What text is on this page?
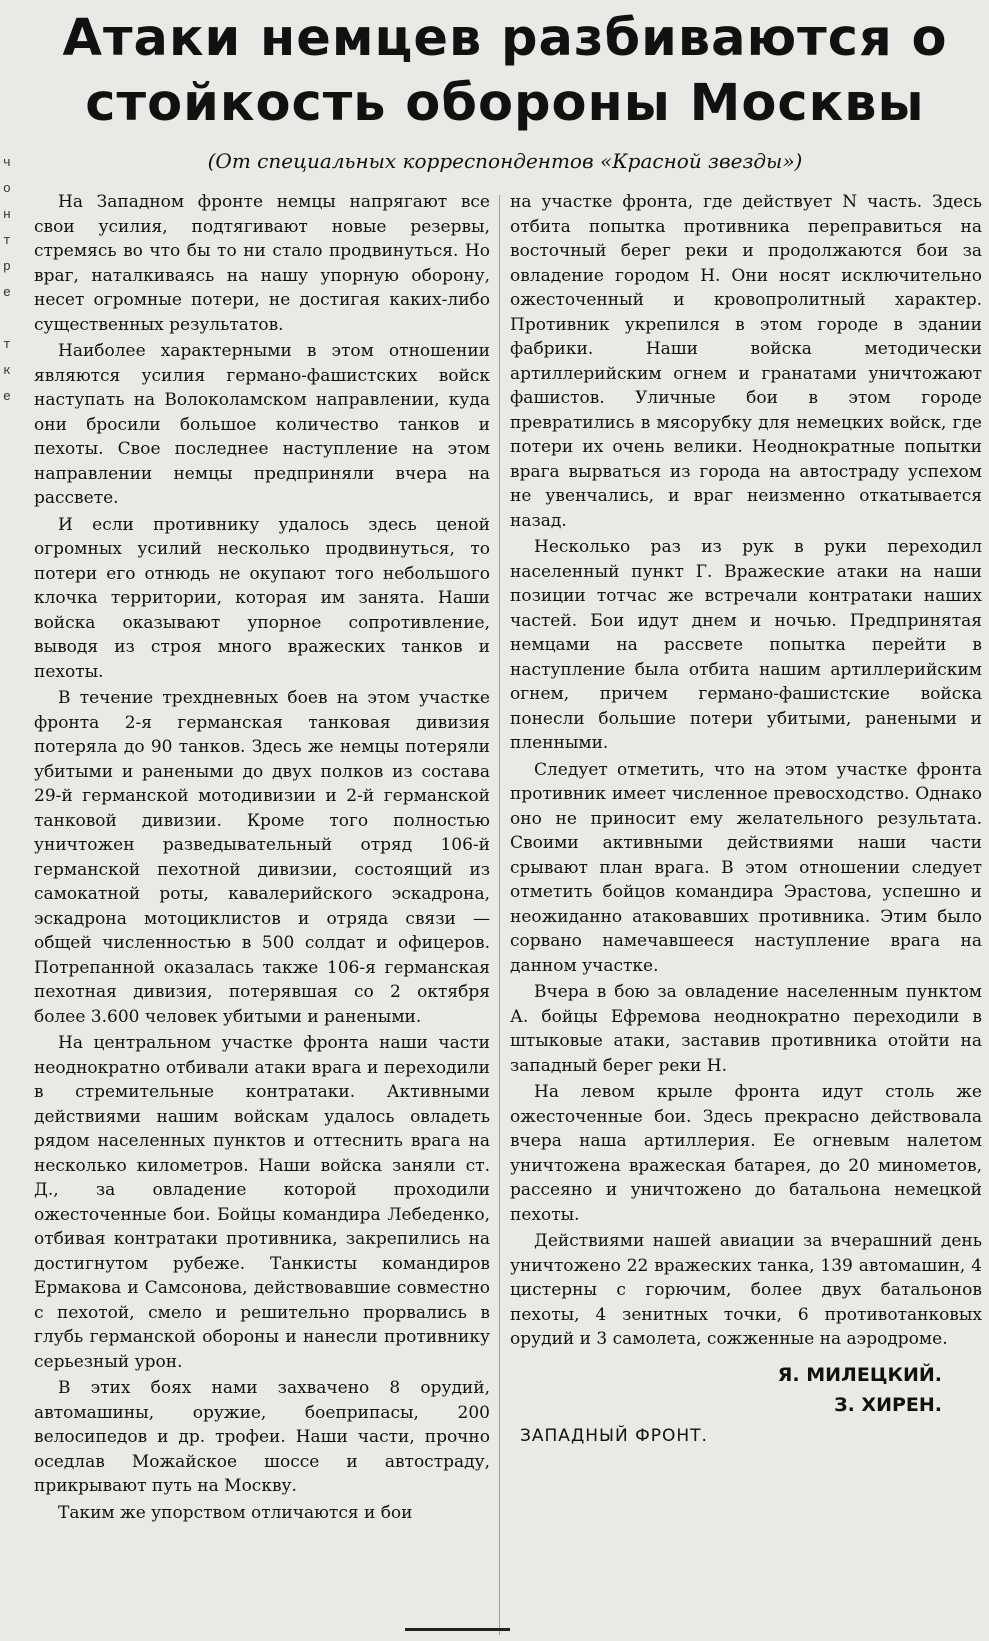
ч
о
н
т
р
е

т
к
е
Атаки немцев разбиваются о стойкость обороны Москвы

(От специальных корреспондентов «Красной звезды»)

На Западном фронте немцы напрягают все свои усилия, подтягивают новые резервы, стремясь во что бы то ни стало продвинуться. Но враг, наталкиваясь на нашу упорную оборону, несет огромные потери, не достигая каких-либо существенных результатов.

Наиболее характерными в этом отношении являются усилия германо-фашистских войск наступать на Волоколамском направлении, куда они бросили большое количество танков и пехоты. Свое последнее наступление на этом направлении немцы предприняли вчера на рассвете.

И если противнику удалось здесь ценой огромных усилий несколько продвинуться, то потери его отнюдь не окупают того небольшого клочка территории, которая им занята. Наши войска оказывают упорное сопротивление, выводя из строя много вражеских танков и пехоты.

В течение трехдневных боев на этом участке фронта 2-я германская танковая дивизия потеряла до 90 танков. Здесь же немцы потеряли убитыми и ранеными до двух полков из состава 29-й германской мотодивизии и 2-й германской танковой дивизии. Кроме того полностью уничтожен разведывательный отряд 106-й германской пехотной дивизии, состоящий из самокатной роты, кавалерийского эскадрона, эскадрона мотоциклистов и отряда связи — общей численностью в 500 солдат и офицеров. Потрепанной оказалась также 106-я германская пехотная дивизия, потерявшая со 2 октября более 3.600 человек убитыми и ранеными.

На центральном участке фронта наши части неоднократно отбивали атаки врага и переходили в стремительные контратаки. Активными действиями нашим войскам удалось овладеть рядом населенных пунктов и оттеснить врага на несколько километров. Наши войска заняли ст. Д., за овладение которой проходили ожесточенные бои. Бойцы командира Лебеденко, отбивая контратаки противника, закрепились на достигнутом рубеже. Танкисты командиров Ермакова и Самсонова, действовавшие совместно с пехотой, смело и решительно прорвались в глубь германской обороны и нанесли противнику серьезный урон.

В этих боях нами захвачено 8 орудий, автомашины, оружие, боеприпасы, 200 велосипедов и др. трофеи. Наши части, прочно оседлав Можайское шоссе и автостраду, прикрывают путь на Москву.

Таким же упорством отличаются и бои

на участке фронта, где действует N часть. Здесь отбита попытка противника переправиться на восточный берег реки и продолжаются бои за овладение городом Н. Они носят исключительно ожесточенный и кровопролитный характер. Противник укрепился в этом городе в здании фабрики. Наши войска методически артиллерийским огнем и гранатами уничтожают фашистов. Уличные бои в этом городе превратились в мясорубку для немецких войск, где потери их очень велики. Неоднократные попытки врага вырваться из города на автостраду успехом не увенчались, и враг неизменно откатывается назад.

Несколько раз из рук в руки переходил населенный пункт Г. Вражеские атаки на наши позиции тотчас же встречали контратаки наших частей. Бои идут днем и ночью. Предпринятая немцами на рассвете попытка перейти в наступление была отбита нашим артиллерийским огнем, причем германо-фашистские войска понесли большие потери убитыми, ранеными и пленными.

Следует отметить, что на этом участке фронта противник имеет численное превосходство. Однако оно не приносит ему желательного результата. Своими активными действиями наши части срывают план врага. В этом отношении следует отметить бойцов командира Эрастова, успешно и неожиданно атаковавших противника. Этим было сорвано намечавшееся наступление врага на данном участке.

Вчера в бою за овладение населенным пунктом А. бойцы Ефремова неоднократно переходили в штыковые атаки, заставив противника отойти на западный берег реки Н.

На левом крыле фронта идут столь же ожесточенные бои. Здесь прекрасно действовала вчера наша артиллерия. Ее огневым налетом уничтожена вражеская батарея, до 20 минометов, рассеяно и уничтожено до батальона немецкой пехоты.

Действиями нашей авиации за вчерашний день уничтожено 22 вражеских танка, 139 автомашин, 4 цистерны с горючим, более двух батальонов пехоты, 4 зенитных точки, 6 противотанковых орудий и 3 самолета, сожженные на аэродроме.

Я. МИЛЕЦКИЙ.
З. ХИРЕН.
ЗАПАДНЫЙ ФРОНТ.
